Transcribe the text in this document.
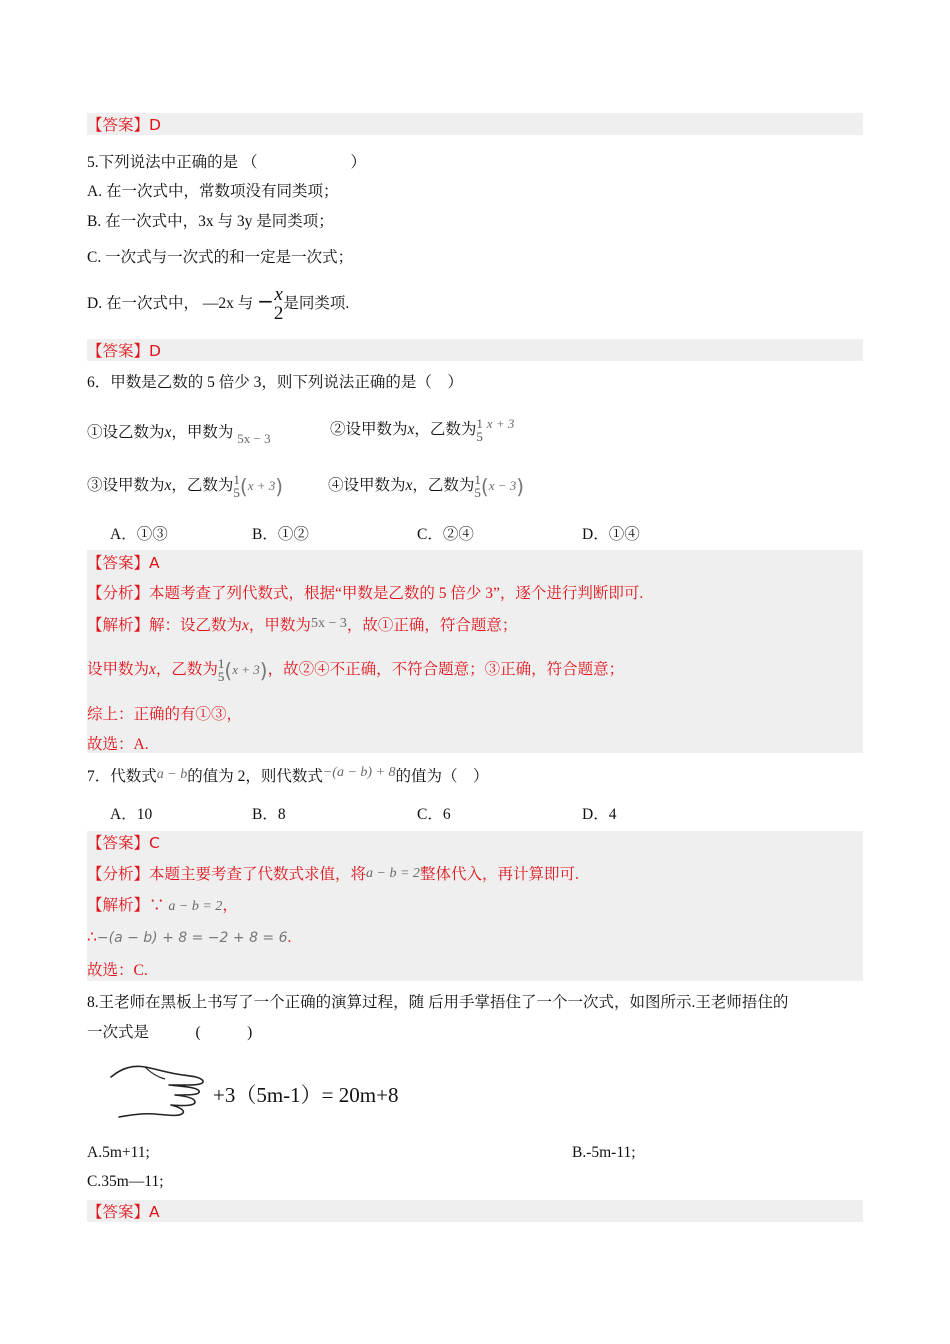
【答案】D
5.下列说法中正确的是 （　　　　　　）
A. 在一次式中，常数项没有同类项；
B. 在一次式中，3x 与 3y 是同类项；
C. 一次式与一次式的和一定是一次式；
D. 在一次式中， —2x 与 − x
2 是同类项.
【答案】D
6．甲数是乙数的 5 倍少 3，则下列说法正确的是（　）
①设乙数为x，甲数为 $_{5x - 3}$
②设甲数为x，乙数为 1
5
$^{x + 3}$
③设甲数为x，乙数为 1
5 (x + 3)	④设甲数为x，乙数为 1
5 (x − 3)
A．①③	B．①②	C．②④	D．①④
【答案】A
【分析】本题考查了列代数式，根据“甲数是乙数的 5 倍少 3”，逐个进行判断即可.
【解析】解：设乙数为x，甲数为5x − 3，故①正确，符合题意；
设甲数为x，乙数为 1
5 (x + 3)，故②④不正确，不符合题意；③正确，符合题意；
综上：正确的有①③，
故选：A.
7．代数式a − b的值为 2，则代数式−(a − b) + 8的值为（　）
A．10	B．8	C．6	D．4
【答案】C
【分析】本题主要考查了代数式求值，将a − b = 2整体代入，再计算即可.
【解析】∵ a − b = 2，
∴−(a − b) + 8 = −2 + 8 = 6.
故选：C.
8.王老师在黑板上书写了一个正确的演算过程，随 后用手掌捂住了一个一次式，如图所示.王老师捂住的
一次式是　　　(　　　)
+3（5m-1）= 20m+8
A.5m+11;	B.-5m-11;
C.35m—11;
【答案】A
